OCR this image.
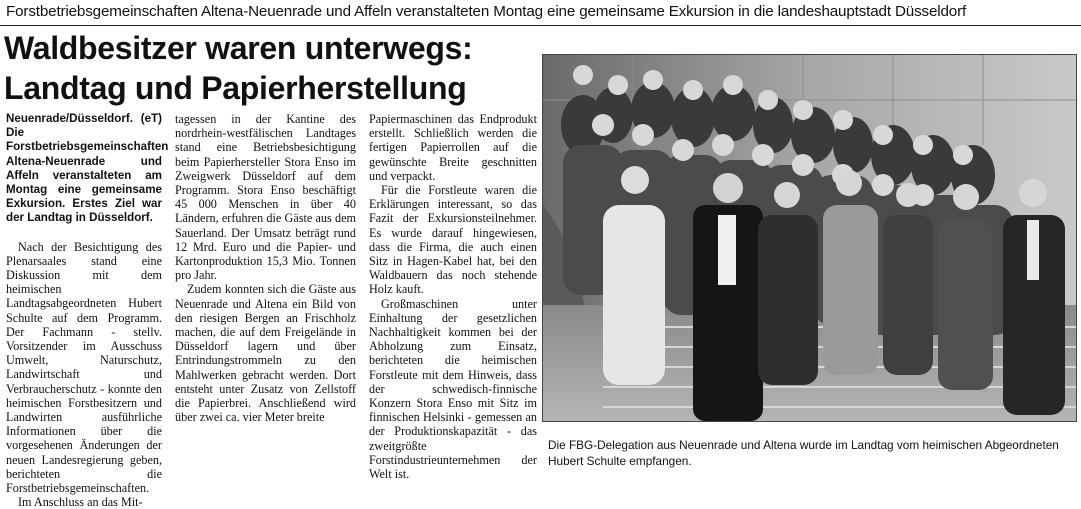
Forstbetriebsgemeinschaften Altena-Neuenrade und Affeln veranstalteten Montag eine gemeinsame Exkursion in die landeshauptstadt Düsseldorf
Waldbesitzer waren unterwegs:
Landtag und Papierherstellung

Neuenrade/Düsseldorf. (eT) Die Forstbetriebsgemeinschaften Altena-Neuenrade und Affeln veranstalteten am Montag eine gemeinsame Exkursion. Erstes Ziel war der Landtag in Düsseldorf.

Nach der Besichtigung des Plenarsaales stand eine Diskussion mit dem heimischen Landtagsabgeordneten Hubert Schulte auf dem Programm. Der Fachmann - stellv. Vorsitzender im Ausschuss Umwelt, Naturschutz, Landwirtschaft und Verbraucherschutz - konnte den heimischen Forstbesitzern und Landwirten ausführliche Informationen über die vorgesehenen Änderungen der neuen Landesregierung geben, berichteten die Forstbetriebsgemeinschaften.

Im Anschluss an das Mit-

tagessen in der Kantine des nordrhein-westfälischen Landtages stand eine Betriebsbesichtigung beim Papierhersteller Stora Enso im Zweigwerk Düsseldorf auf dem Programm. Stora Enso beschäftigt 45 000 Menschen in über 40 Ländern, erfuhren die Gäste aus dem Sauerland. Der Umsatz beträgt rund 12 Mrd. Euro und die Papier- und Kartonproduktion 15,3 Mio. Tonnen pro Jahr.

Zudem konnten sich die Gäste aus Neuenrade und Altena ein Bild von den riesigen Bergen an Frischholz machen, die auf dem Freigelände in Düsseldorf lagern und über Entrindungstrommeln zu den Mahlwerken gebracht werden. Dort entsteht unter Zusatz von Zellstoff die Papierbrei. Anschließend wird über zwei ca. vier Meter breite

Papiermaschinen das Endprodukt erstellt. Schließlich werden die fertigen Papierrollen auf die gewünschte Breite geschnitten und verpackt.

Für die Forstleute waren die Erklärungen interessant, so das Fazit der Exkursionsteilnehmer. Es wurde darauf hingewiesen, dass die Firma, die auch einen Sitz in Hagen-Kabel hat, bei den Waldbauern das noch stehende Holz kauft.

Großmaschinen unter Einhaltung der gesetzlichen Nachhaltigkeit kommen bei der Abholzung zum Einsatz, berichteten die heimischen Forstleute mit dem Hinweis, dass der schwedisch-finnische Konzern Stora Enso mit Sitz im finnischen Helsinki - gemessen an der Produktionskapazität - das zweitgrößte Forstindustrieunternehmen der Welt ist.

Die FBG-Delegation aus Neuenrade und Altena wurde im Landtag vom heimischen Abgeordneten Hubert Schulte empfangen.
